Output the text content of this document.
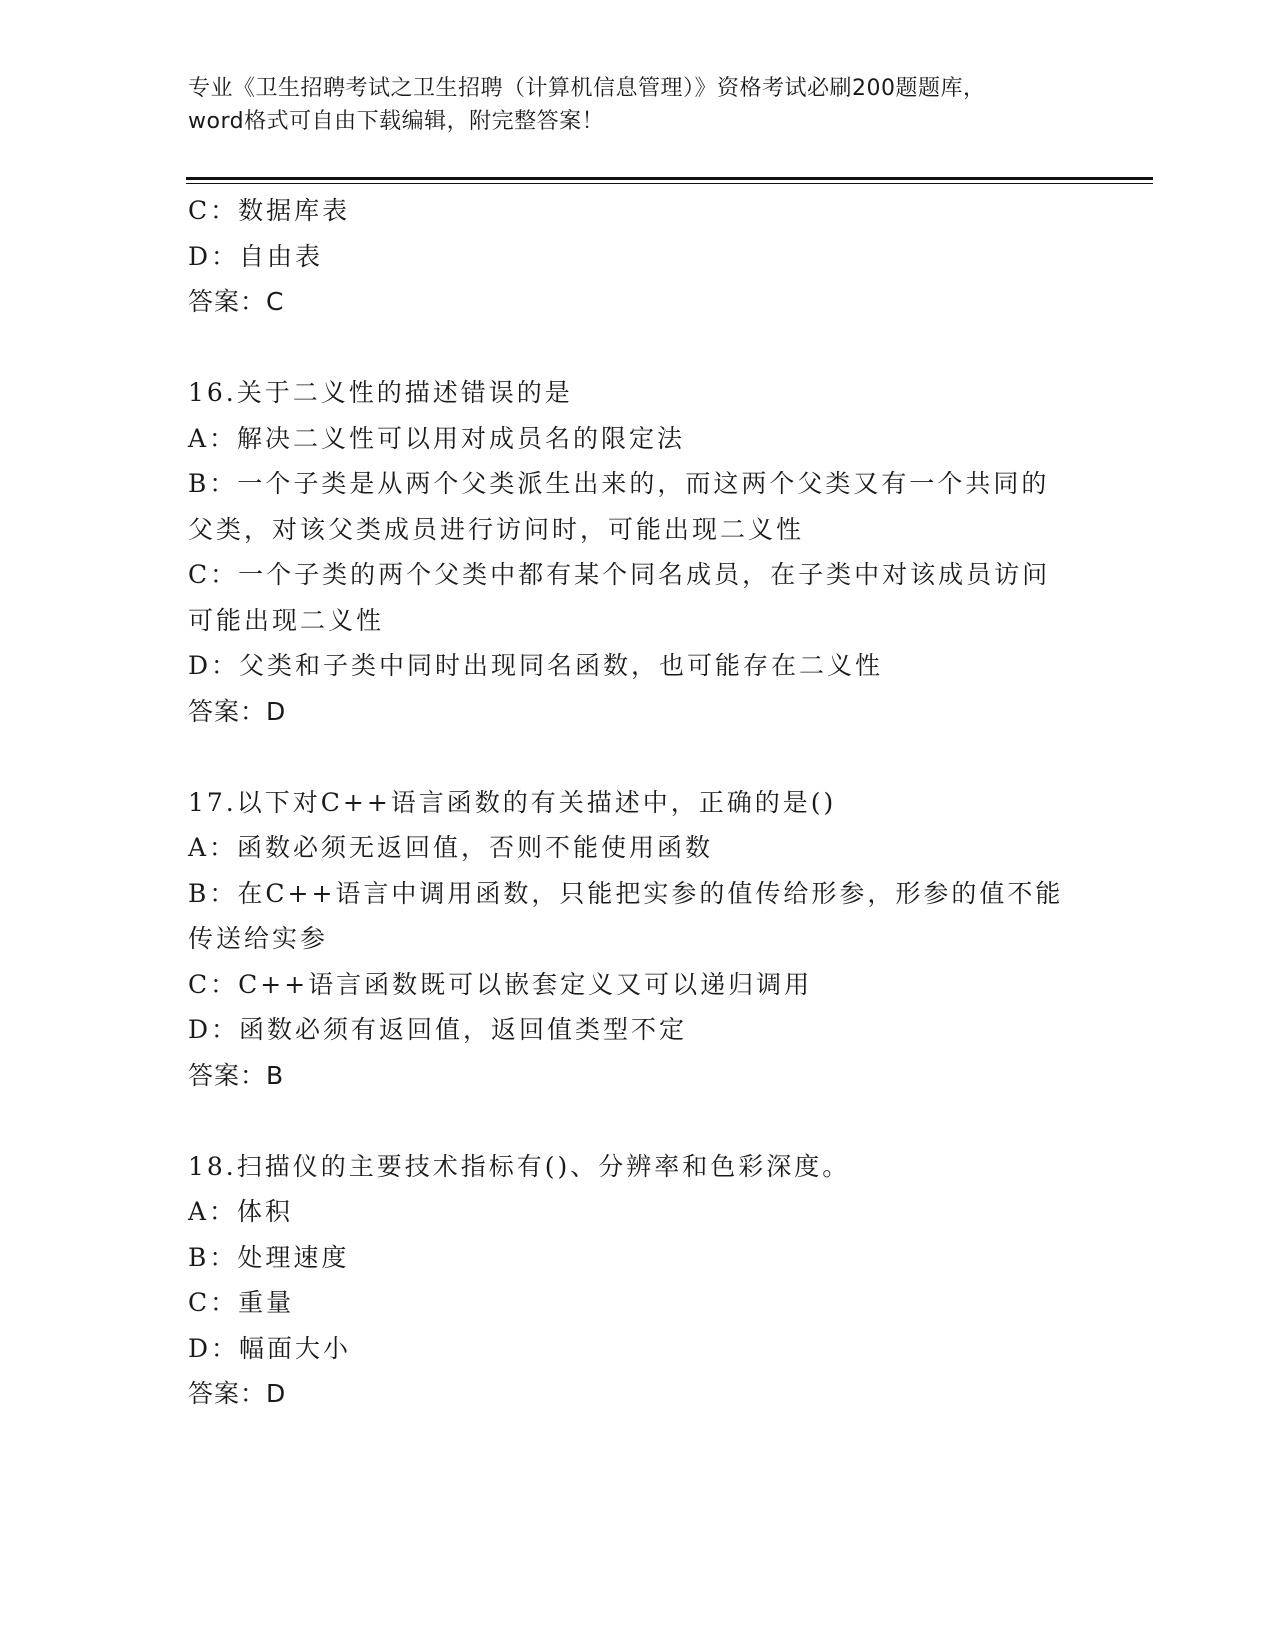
专业《卫生招聘考试之卫生招聘（计算机信息管理）》资格考试必刷200题题库，
word格式可自由下载编辑，附完整答案！
C：数据库表
D：自由表
答案：C
16.关于二义性的描述错误的是
A：解决二义性可以用对成员名的限定法
B：一个子类是从两个父类派生出来的，而这两个父类又有一个共同的
父类，对该父类成员进行访问时，可能出现二义性
C：一个子类的两个父类中都有某个同名成员，在子类中对该成员访问
可能出现二义性
D：父类和子类中同时出现同名函数，也可能存在二义性
答案：D
17.以下对C++语言函数的有关描述中，正确的是()
A：函数必须无返回值，否则不能使用函数
B：在C++语言中调用函数，只能把实参的值传给形参，形参的值不能
传送给实参
C：C++语言函数既可以嵌套定义又可以递归调用
D：函数必须有返回值，返回值类型不定
答案：B
18.扫描仪的主要技术指标有()、分辨率和色彩深度。
A：体积
B：处理速度
C：重量
D：幅面大小
答案：D
